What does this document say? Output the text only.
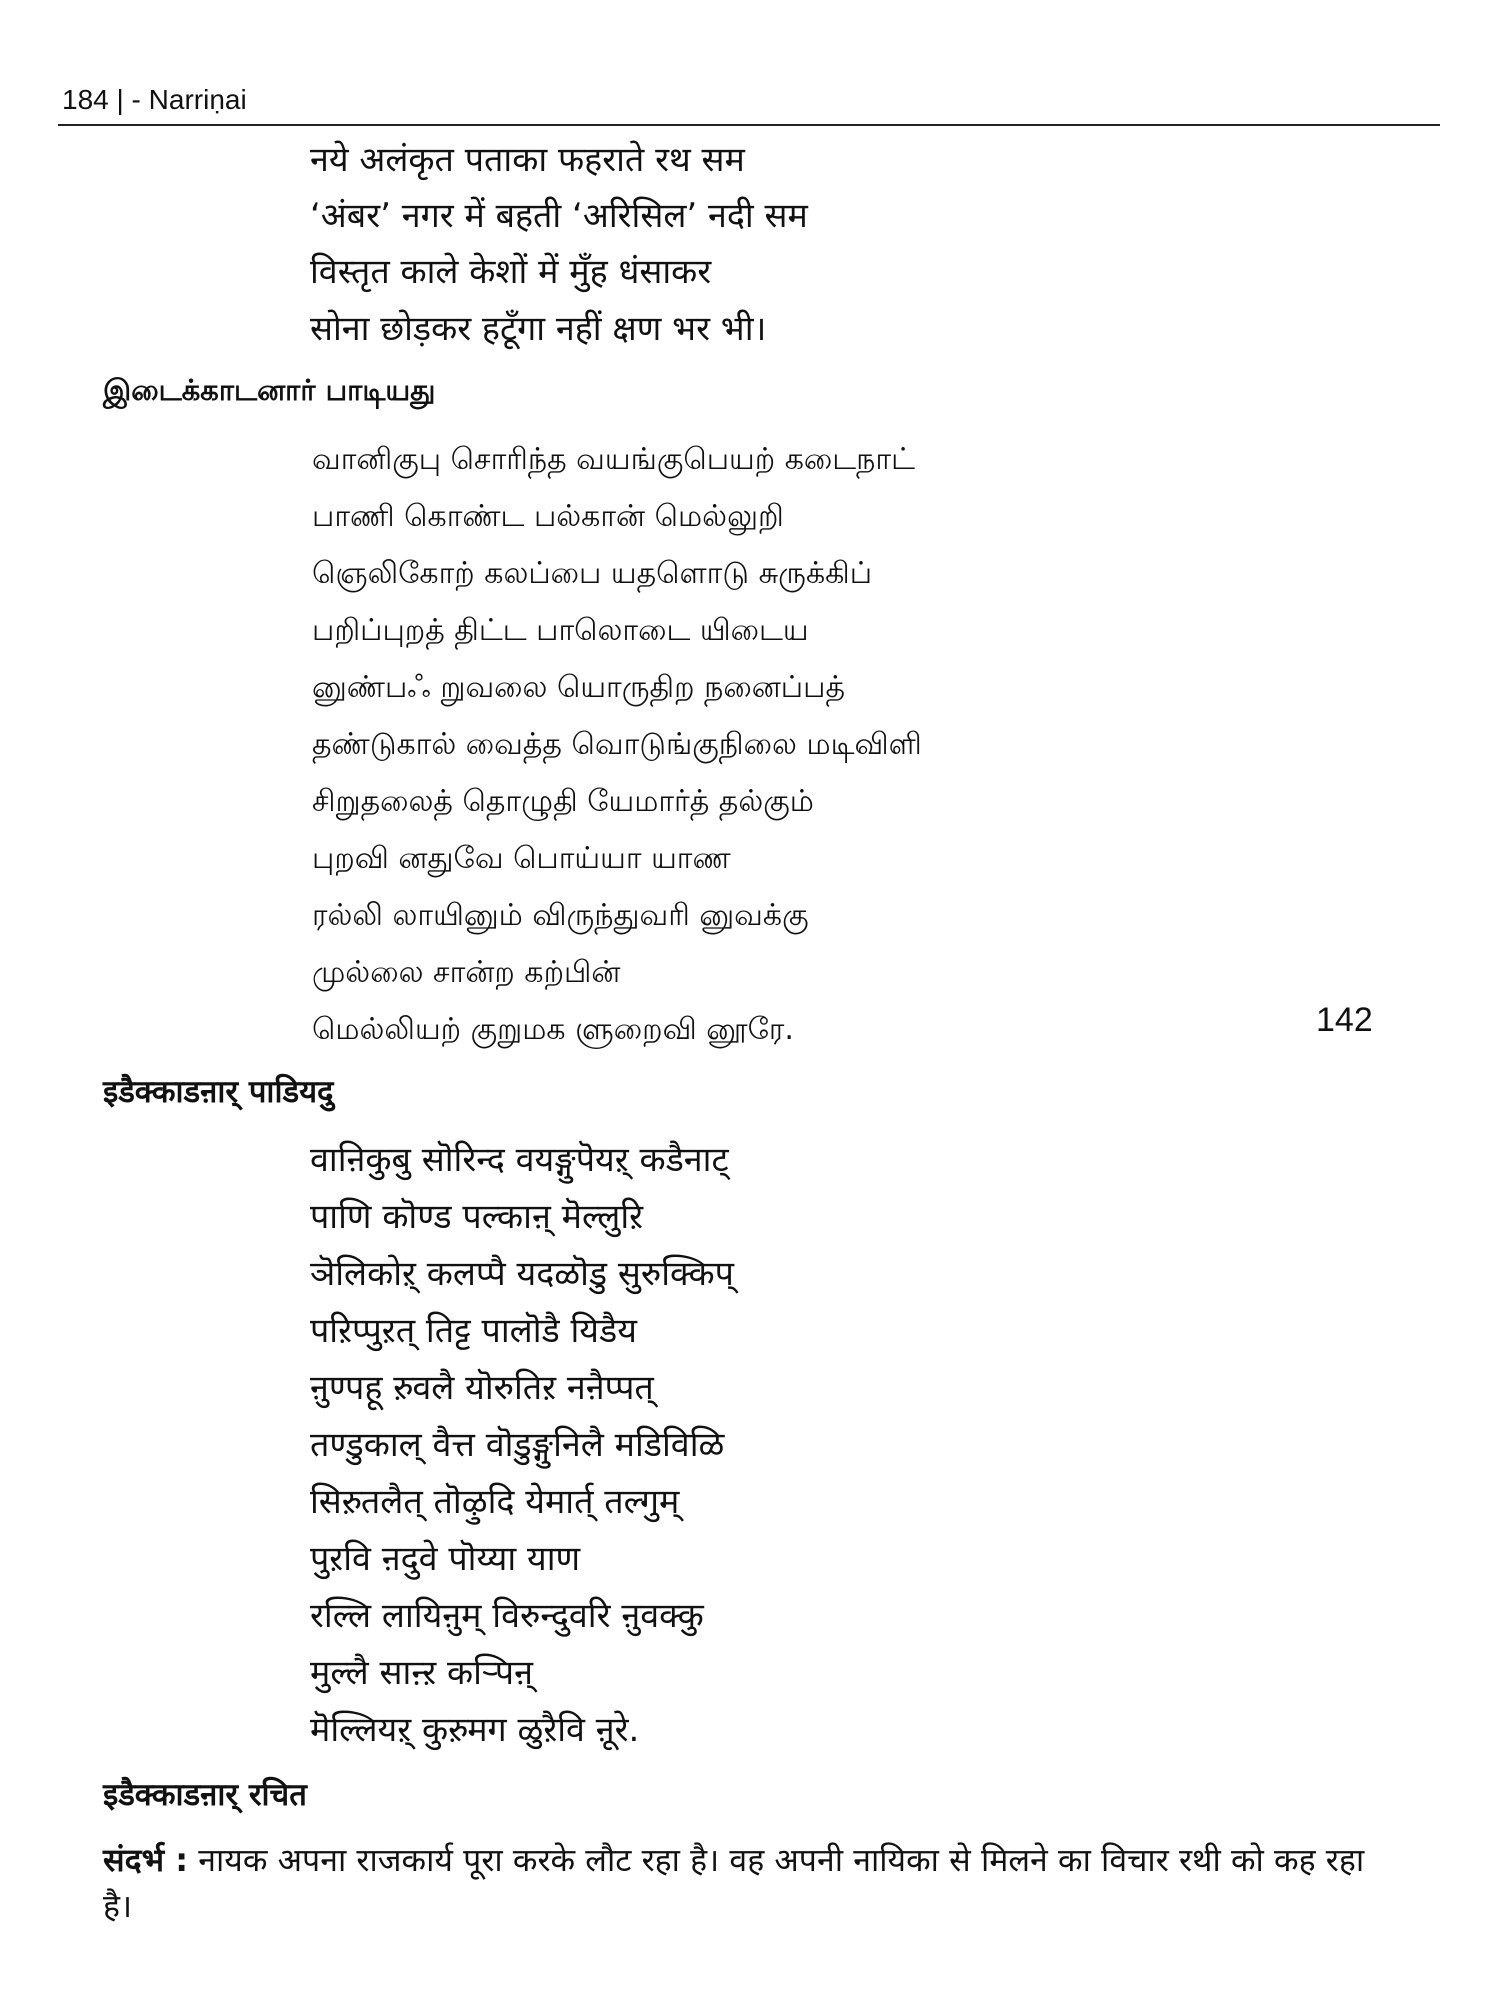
184 | - Narriṇai
नये अलंकृत पताका फहराते रथ सम
‘अंबर’ नगर में बहती ‘अरिसिल’ नदी सम
विस्तृत काले केशों में मुँह धंसाकर
सोना छोड़कर हटूँगा नहीं क्षण भर भी।
இடைக்காடனார் பாடியது
வானிகுபு சொரிந்த வயங்குபெயற் கடைநாட்
பாணி கொண்ட பல்கான் மெல்லுறி
ஞெலிகோற் கலப்பை யதளொடு சுருக்கிப்
பறிப்புறத் திட்ட பாலொடை யிடைய
னுண்பஃ றுவலை யொருதிற நனைப்பத்
தண்டுகால் வைத்த வொடுங்குநிலை மடிவிளி
சிறுதலைத் தொழுதி யேமார்த் தல்கும்
புறவி னதுவே பொய்யா யாண
ரல்லி லாயினும் விருந்துவரி னுவக்கு
முல்லை சான்ற கற்பின்
மெல்லியற் குறுமக ளுறைவி னூரே.	142
इडैक्काडऩार् पाडियदु
वाऩिकुबु सॊरिन्द वयङ्गुपॆयऱ् कडैनाट्
पाणि कॊण्ड पल्काऩ् मॆल्लुऱि
ञॆलिकोऱ् कलप्पै यदळॊडु सुरुक्किप्
पऱिप्पुऱत् तिट्ट पालॊडै यिडैय
ऩुण्पहू ऱुवलै यॊरुतिऱ नऩैप्पत्
तण्डुकाल् वैत्त वॊडुङ्गुनिलै मडिविळि
सिऱुतलैत् तॊऴुदि येमार्त् तल्गुम्
पुऱवि ऩदुवे पॊय्या याण
रल्लि लायिऩुम् विरुन्दुवरि ऩुवक्कु
मुल्लै साऩ्ऱ कऱ्पिऩ्
मॆल्लियऱ् कुऱुमग ळुऱैवि ऩूरे.
इडैक्काडऩार् रचित
संदर्भ : नायक अपना राजकार्य पूरा करके लौट रहा है। वह अपनी नायिका से मिलने का विचार रथी को कह रहा है।
